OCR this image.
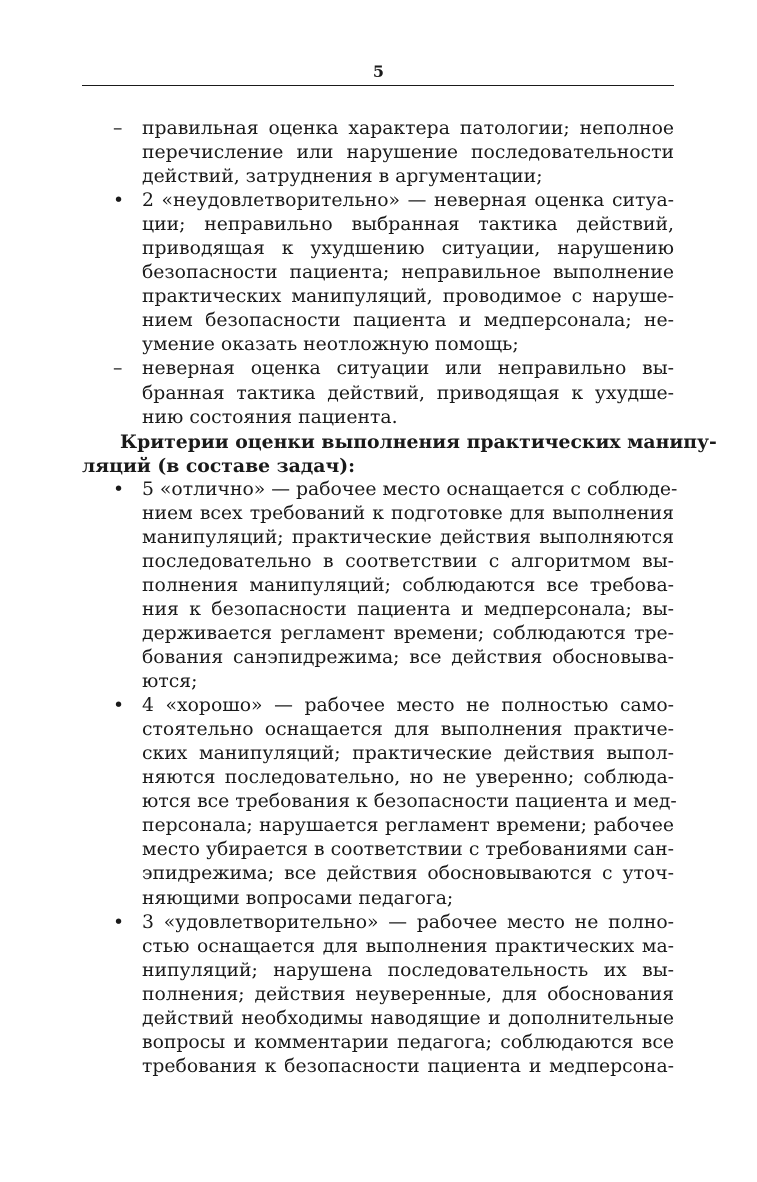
5
– правильная оценка характера патологии; неполное
перечисление или нарушение последовательности
действий, затруднения в аргументации;
• 2 «неудовлетворительно» — неверная оценка ситуа-
ции; неправильно выбранная тактика действий,
приводящая к ухудшению ситуации, нарушению
безопасности пациента; неправильное выполнение
практических манипуляций, проводимое с наруше-
нием безопасности пациента и медперсонала; не-
умение оказать неотложную помощь;
– неверная оценка ситуации или неправильно вы-
бранная тактика действий, приводящая к ухудше-
нию состояния пациента.
Критерии оценки выполнения практических манипу-
ляций (в составе задач):
• 5 «отлично» — рабочее место оснащается с соблюде-
нием всех требований к подготовке для выполнения
манипуляций; практические действия выполняются
последовательно в соответствии с алгоритмом вы-
полнения манипуляций; соблюдаются все требова-
ния к безопасности пациента и медперсонала; вы-
держивается регламент времени; соблюдаются тре-
бования санэпидрежима; все действия обосновыва-
ются;
• 4 «хорошо» — рабочее место не полностью само-
стоятельно оснащается для выполнения практиче-
ских манипуляций; практические действия выпол-
няются последовательно, но не уверенно; соблюда-
ются все требования к безопасности пациента и мед-
персонала; нарушается регламент времени; рабочее
место убирается в соответствии с требованиями сан-
эпидрежима; все действия обосновываются с уточ-
няющими вопросами педагога;
• 3 «удовлетворительно» — рабочее место не полно-
стью оснащается для выполнения практических ма-
нипуляций; нарушена последовательность их вы-
полнения; действия неуверенные, для обоснования
действий необходимы наводящие и дополнительные
вопросы и комментарии педагога; соблюдаются все
требования к безопасности пациента и медперсона-
